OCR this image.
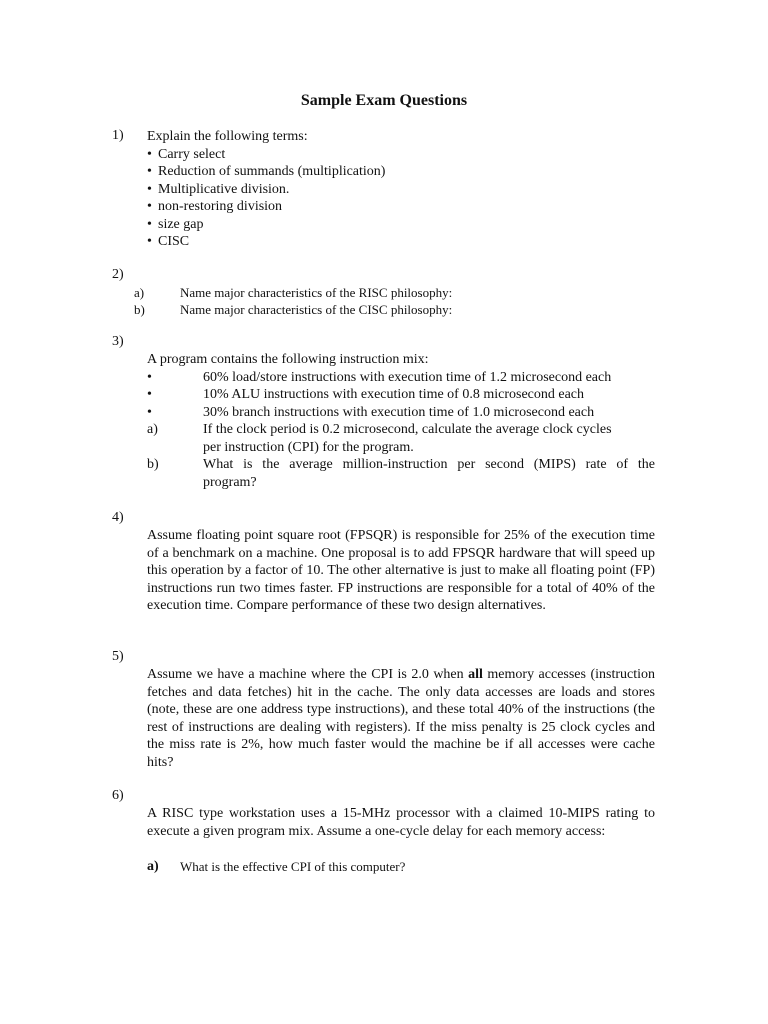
Sample Exam Questions
1) Explain the following terms:
• Carry select
• Reduction of summands (multiplication)
• Multiplicative division.
• non-restoring division
• size gap
• CISC
2)
a)	Name major characteristics of the RISC philosophy:
b)	Name major characteristics of the CISC philosophy:
3)
A program contains the following instruction mix:
•	60% load/store instructions with execution time of 1.2 microsecond each
•	10% ALU instructions with execution time of 0.8 microsecond each
•	30% branch instructions with execution time of 1.0 microsecond each
a)	If the clock period is 0.2 microsecond, calculate the average clock cycles
per instruction (CPI) for the program.
b)	What is the average million-instruction per second (MIPS) rate of the
program?
4)
Assume floating point square root (FPSQR) is responsible for 25% of the execution time of a benchmark on a machine. One proposal is to add FPSQR hardware that will speed up this operation by a factor of 10. The other alternative is just to make all floating point (FP) instructions run two times faster. FP instructions are responsible for a total of 40% of the execution time. Compare performance of these two design alternatives.
5)
Assume we have a machine where the CPI is 2.0 when all memory accesses (instruction fetches and data fetches) hit in the cache. The only data accesses are loads and stores (note, these are one address type instructions), and these total 40% of the instructions (the rest of instructions are dealing with registers). If the miss penalty is 25 clock cycles and the miss rate is 2%, how much faster would the machine be if all accesses were cache hits?
6)
A RISC type workstation uses a 15-MHz processor with a claimed 10-MIPS rating to execute a given program mix. Assume a one-cycle delay for each memory access:
a) What is the effective CPI of this computer?
